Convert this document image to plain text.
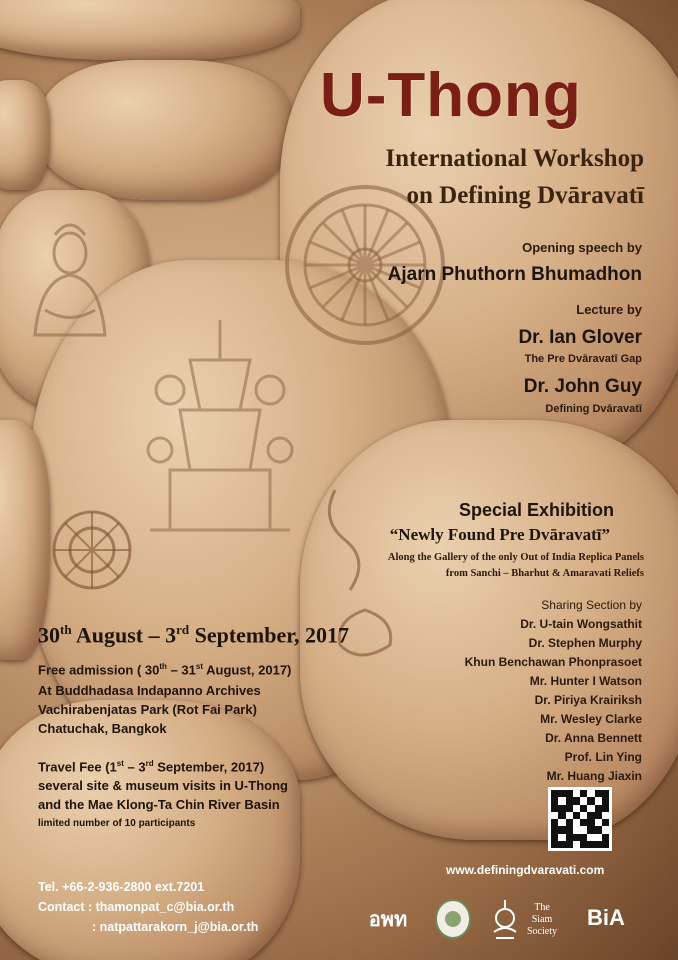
U-Thong
International Workshop
on Defining Dvāravatī
Opening speech by
Ajarn Phuthorn Bhumadhon
Lecture by
Dr. Ian Glover
The Pre Dvāravatī Gap
Dr. John Guy
Defining Dvāravatī
Special Exhibition
“Newly Found Pre Dvāravatī”
Along the Gallery of the only Out of India Replica Panels
from Sanchi – Bharhut & Amaravati Reliefs
Sharing Section by
Dr. U-tain Wongsathit
Dr. Stephen Murphy
Khun Benchawan Phonprasoet
Mr. Hunter I Watson
Dr. Piriya Krairiksh
Mr. Wesley Clarke
Dr. Anna Bennett
Prof. Lin Ying
Mr. Huang Jiaxin
30th August – 3rd September, 2017
Free admission ( 30th – 31st August, 2017)
At Buddhadasa Indapanno Archives
Vachirabenjatas Park (Rot Fai Park)
Chatuchak, Bangkok
Travel Fee (1st – 3rd September, 2017)
several site & museum visits in U-Thong
and the Mae Klong-Ta Chin River Basin
limited number of 10 participants
Tel. +66-2-936-2800 ext.7201
Contact : thamonpat_c@bia.or.th
: natpattarakorn_j@bia.or.th
www.definingdvaravati.com
อพท
The
Siam
Society
BiA
